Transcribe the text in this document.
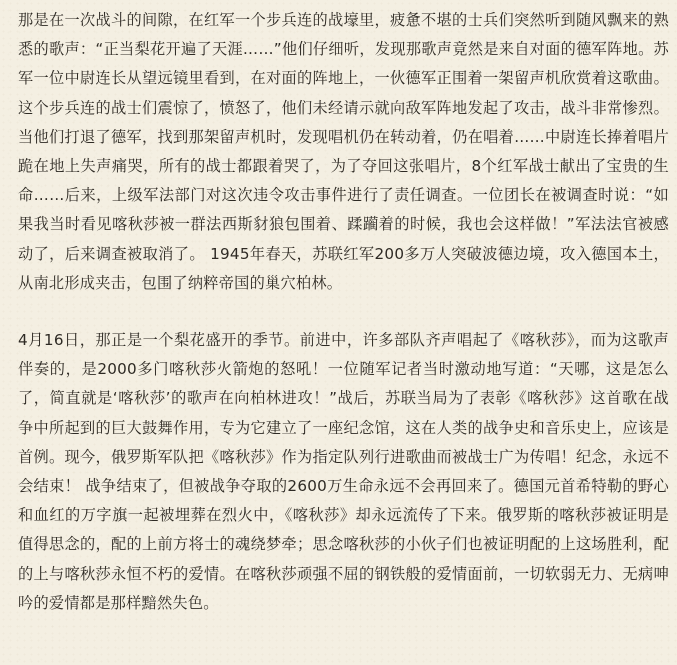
那是在一次战斗的间隙，在红军一个步兵连的战壕里，疲惫不堪的士兵们突然听到随风飘来的熟悉的歌声：“正当梨花开遍了天涯……”他们仔细听，发现那歌声竟然是来自对面的德军阵地。苏军一位中尉连长从望远镜里看到，在对面的阵地上，一伙德军正围着一架留声机欣赏着这歌曲。这个步兵连的战士们震惊了，愤怒了，他们未经请示就向敌军阵地发起了攻击，战斗非常惨烈。当他们打退了德军，找到那架留声机时，发现唱机仍在转动着，仍在唱着……中尉连长捧着唱片跪在地上失声痛哭，所有的战士都跟着哭了，为了夺回这张唱片，8个红军战士献出了宝贵的生命……后来，上级军法部门对这次违令攻击事件进行了责任调查。一位团长在被调查时说：“如果我当时看见喀秋莎被一群法西斯豺狼包围着、蹂躏着的时候，我也会这样做！”军法法官被感动了，后来调查被取消了。 1945年春天，苏联红军200多万人突破波德边境，攻入德国本土，从南北形成夹击，包围了纳粹帝国的巢穴柏林。

4月16日，那正是一个梨花盛开的季节。前进中，许多部队齐声唱起了《喀秋莎》，而为这歌声伴奏的，是2000多门喀秋莎火箭炮的怒吼！一位随军记者当时激动地写道：“天哪，这是怎么了，简直就是‘喀秋莎’的歌声在向柏林进攻！”战后，苏联当局为了表彰《喀秋莎》这首歌在战争中所起到的巨大鼓舞作用，专为它建立了一座纪念馆，这在人类的战争史和音乐史上，应该是首例。现今，俄罗斯军队把《喀秋莎》作为指定队列行进歌曲而被战士广为传唱！纪念，永远不会结束！ 战争结束了，但被战争夺取的2600万生命永远不会再回来了。德国元首希特勒的野心和血红的万字旗一起被埋葬在烈火中，《喀秋莎》却永远流传了下来。俄罗斯的喀秋莎被证明是值得思念的，配的上前方将士的魂绕梦牵；思念喀秋莎的小伙子们也被证明配的上这场胜利，配的上与喀秋莎永恒不朽的爱情。在喀秋莎顽强不屈的钢铁般的爱情面前，一切软弱无力、无病呻吟的爱情都是那样黯然失色。
